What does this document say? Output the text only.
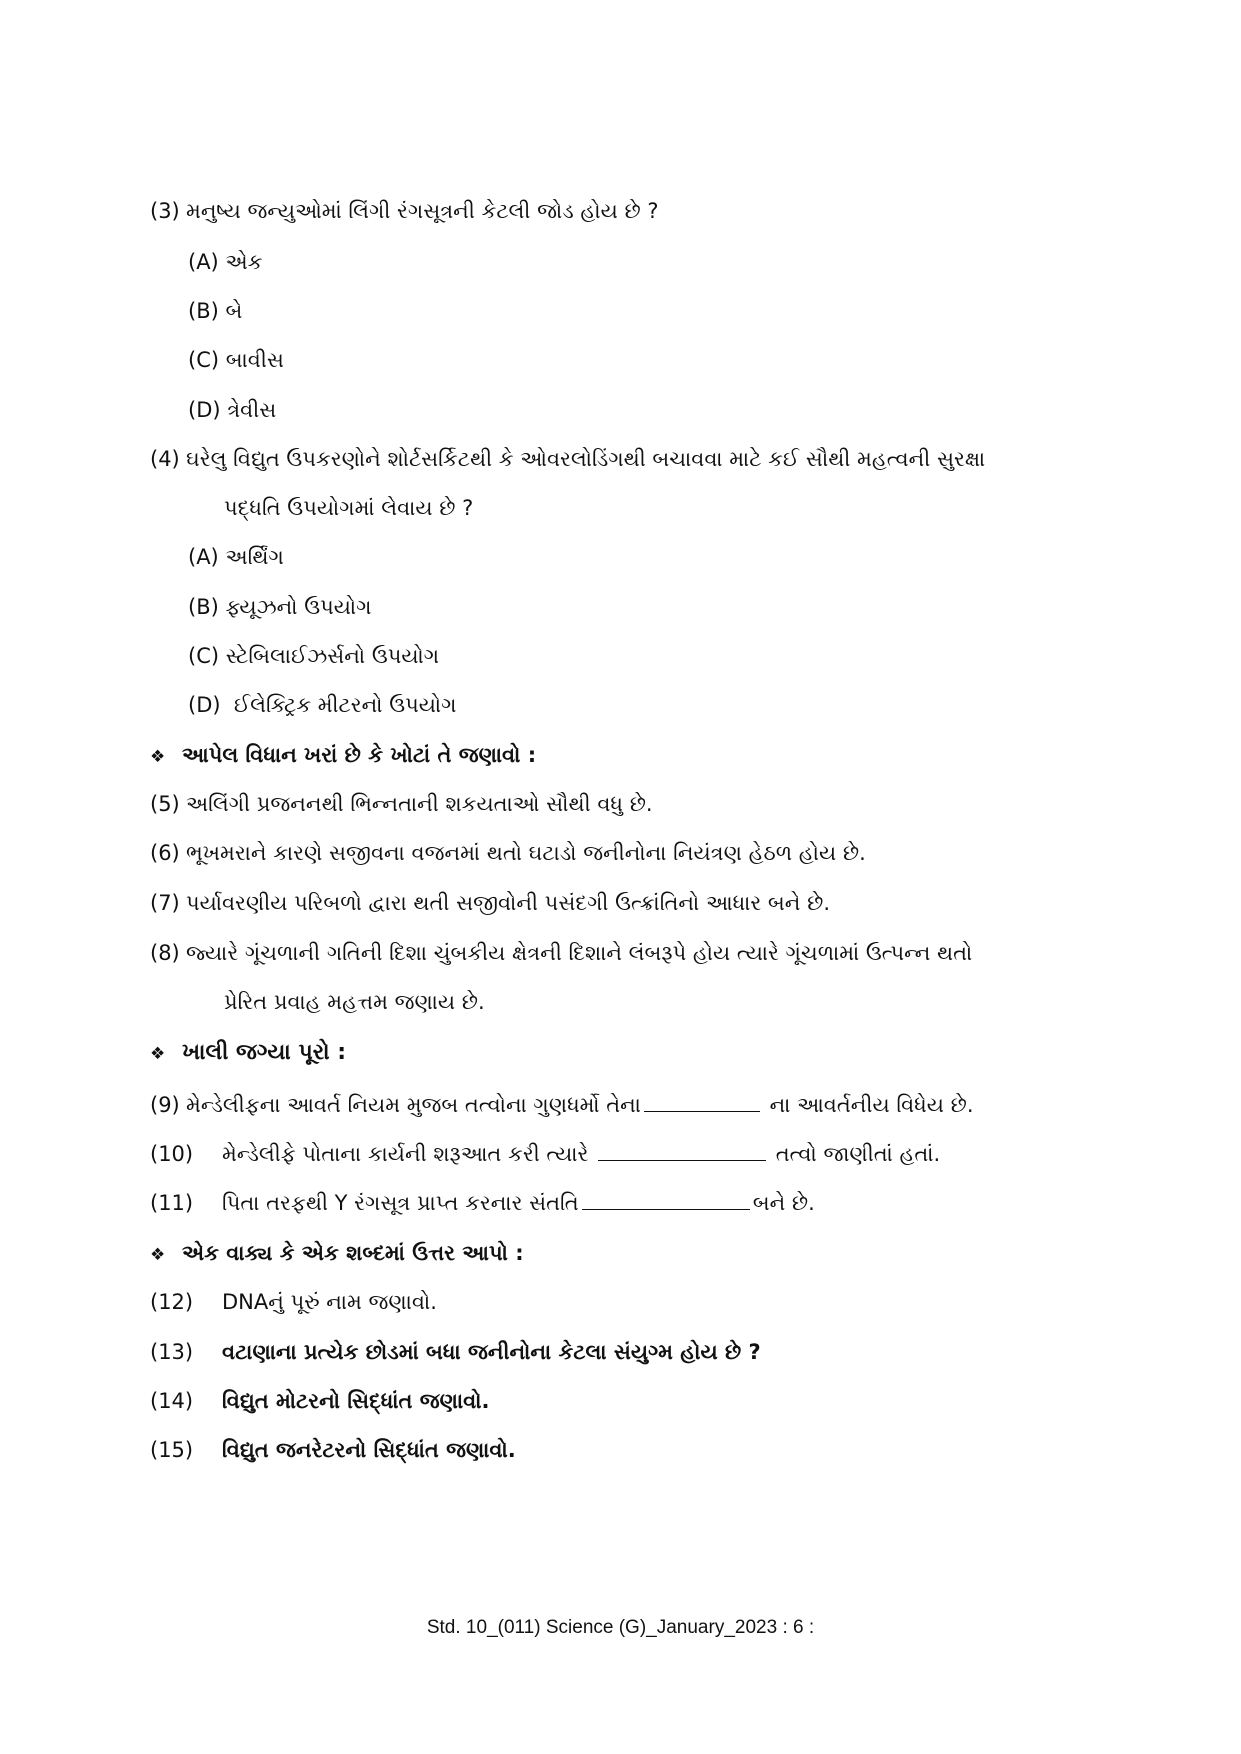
(3) મનુષ્ય જન્યુઓમાં લિંગી રંગસૂત્રની કેટલી જોડ હોય છે ?
(A) એક
(B) બે
(C) બાવીસ
(D) ત્રેવીસ
(4) ઘરેલુ વિદ્યુત ઉપકરણોને શોર્ટસર્કિટથી કે ઓવરલોડિંગથી બચાવવા માટે કઈ સૌથી મહત્વની સુરક્ષા
પદ્ધતિ ઉપયોગમાં લેવાય છે ?
(A) અર્થિંગ
(B) ફ્યૂઝનો ઉપયોગ
(C) સ્ટેબિલાઈઝર્સનો ઉપયોગ
(D) ઈલેક્ટ્રિક મીટરનો ઉપયોગ
❖ આપેલ વિધાન ખરાં છે કે ખોટાં તે જણાવો :
(5) અલિંગી પ્રજનનથી ભિન્નતાની શકયતાઓ સૌથી વધુ છે.
(6) ભૂખમરાને કારણે સજીવના વજનમાં થતો ઘટાડો જનીનોના નિયંત્રણ હેઠળ હોય છે.
(7) પર્યાવરણીય પરિબળો દ્વારા થતી સજીવોની પસંદગી ઉત્ક્રાંતિનો આધાર બને છે.
(8) જ્યારે ગૂંચળાની ગતિની દિશા ચુંબકીય ક્ષેત્રની દિશાને લંબરૂપે હોય ત્યારે ગૂંચળામાં ઉત્પન્ન થતો
પ્રેરિત પ્રવાહ મહત્તમ જણાય છે.
❖ ખાલી જગ્યા પૂરો :
(9) મેન્ડેલીફના આવર્ત નિયમ મુજબ તત્વોના ગુણધર્મો તેના	ના આવર્તનીય વિધેય છે.
(10) મેન્ડેલીફે પોતાના કાર્યની શરૂઆત કરી ત્યારે	તત્વો જાણીતાં હતાં.
(11) પિતા તરફથી Y રંગસૂત્ર પ્રાપ્ત કરનાર સંતતિ	બને છે.
❖ એક વાક્ય કે એક શબ્દમાં ઉત્તર આપો :
(12) DNAનું પૂરું નામ જણાવો.
(13) વટાણાના પ્રત્યેક છોડમાં બધા જનીનોના કેટલા સંયુગ્મ હોય છે ?
(14) વિદ્યુત મોટરનો સિદ્ધાંત જણાવો.
(15) વિદ્યુત જનરેટરનો સિદ્ધાંત જણાવો.
Std. 10_(011) Science (G)_January_2023 : 6 :
